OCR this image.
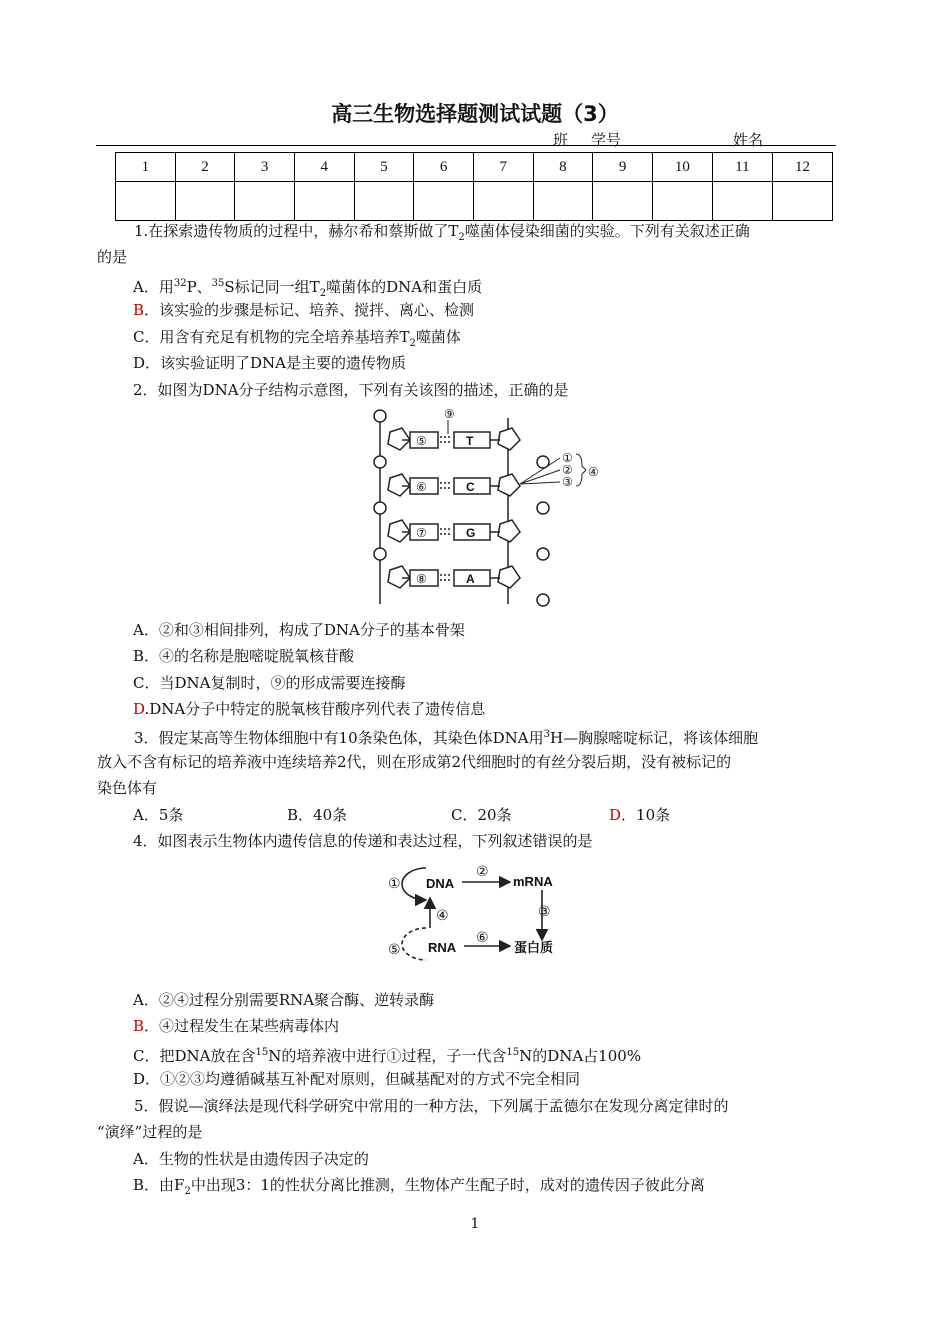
高三生物选择题测试试题（3）
班 学号	姓名
1	2	3	4	5	6	7	8	9	10	11	12

1.在探索遗传物质的过程中，赫尔希和蔡斯做了$T_2$噬菌体侵染细菌的实验。下列有关叙述正确
的是
A．用$^{32}$P、$^{35}$S标记同一组$T_2$噬菌体的DNA和蛋白质
B．该实验的步骤是标记、培养、搅拌、离心、检测
C．用含有充足有机物的完全培养基培养$T_2$噬菌体
D．该实验证明了DNA是主要的遗传物质
2．如图为DNA分子结构示意图，下列有关该图的描述，正确的是
⑤	T
⑥	C
⑦	G
⑧	A
⑨
①
②
③
④
A．②和③相间排列，构成了DNA分子的基本骨架
B．④的名称是胞嘧啶脱氧核苷酸
C．当DNA复制时，⑨的形成需要连接酶
D.DNA分子中特定的脱氧核苷酸序列代表了遗传信息
3．假定某高等生物体细胞中有10条染色体，其染色体DNA用$^3$H—胸腺嘧啶标记，将该体细胞
放入不含有标记的培养液中连续培养2代，则在形成第2代细胞时的有丝分裂后期，没有被标记的
染色体有
A．5条	B．40条	C．20条	D．10条
4．如图表示生物体内遗传信息的传递和表达过程，下列叙述错误的是
DNA	mRNA
RNA	蛋白质
①
②
③
④
⑤
⑥
A．②④过程分别需要RNA聚合酶、逆转录酶
B．④过程发生在某些病毒体内
C．把DNA放在含$^{15}$N的培养液中进行①过程，子一代含$^{15}$N的DNA占100%
D．①②③均遵循碱基互补配对原则，但碱基配对的方式不完全相同
5．假说—演绎法是现代科学研究中常用的一种方法，下列属于孟德尔在发现分离定律时的
“演绎”过程的是
A．生物的性状是由遗传因子决定的
B．由$F_2$中出现3：1的性状分离比推测，生物体产生配子时，成对的遗传因子彼此分离
1
